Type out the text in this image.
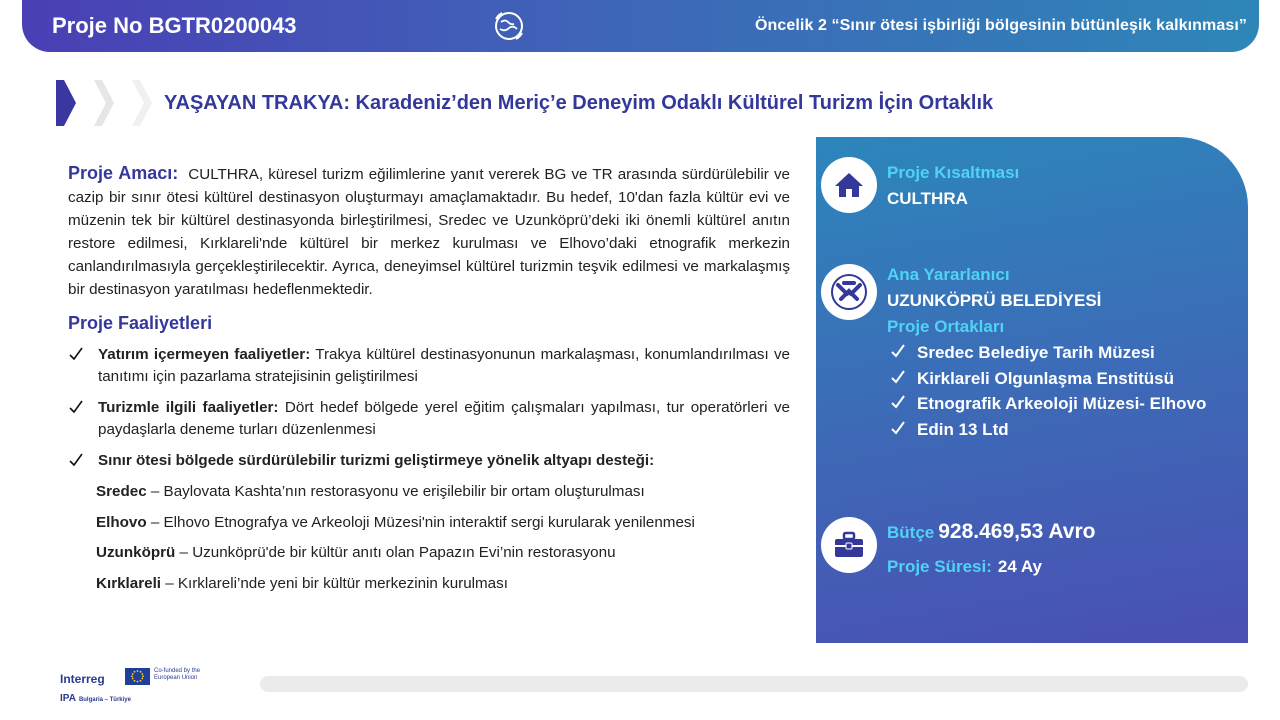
Proje No BGTR0200043	Öncelik 2 “Sınır ötesi işbirliği bölgesinin bütünleşik kalkınması”
YAŞAYAN TRAKYA: Karadeniz’den Meriç’e Deneyim Odaklı Kültürel Turizm İçin Ortaklık

Proje Amacı: CULTHRA, küresel turizm eğilimlerine yanıt vererek BG ve TR arasında sürdürülebilir ve cazip bir sınır ötesi kültürel destinasyon oluşturmayı amaçlamaktadır. Bu hedef, 10'dan fazla kültür evi ve müzenin tek bir kültürel destinasyonda birleştirilmesi, Sredec ve Uzunköprü’deki iki önemli kültürel anıtın restore edilmesi, Kırklareli'nde kültürel bir merkez kurulması ve Elhovo’daki etnografik merkezin canlandırılmasıyla gerçekleştirilecektir. Ayrıca, deneyimsel kültürel turizmin teşvik edilmesi ve markalaşmış bir destinasyon yaratılması hedeflenmektedir.

Proje Faaliyetleri
Yatırım içermeyen faaliyetler: Trakya kültürel destinasyonunun markalaşması, konumlandırılması ve tanıtımı için pazarlama stratejisinin geliştirilmesi
Turizmle ilgili faaliyetler: Dört hedef bölgede yerel eğitim çalışmaları yapılması, tur operatörleri ve paydaşlarla deneme turları düzenlenmesi
Sınır ötesi bölgede sürdürülebilir turizmi geliştirmeye yönelik altyapı desteği:
Sredec – Baylovata Kashta’nın restorasyonu ve erişilebilir bir ortam oluşturulması
Elhovo – Elhovo Etnografya ve Arkeoloji Müzesi'nin interaktif sergi kurularak yenilenmesi
Uzunköprü – Uzunköprü'de bir kültür anıtı olan Papazın Evi’nin restorasyonu
Kırklareli – Kırklareli’nde yeni bir kültür merkezinin kurulması
Proje Kısaltması
CULTHRA
Ana Yararlanıcı
UZUNKÖPRÜ BELEDİYESİ
Proje Ortakları
Sredec Belediye Tarih Müzesi
Kirklareli Olgunlaşma Enstitüsü
Etnografik Arkeoloji Müzesi- Elhovo
Edin 13 Ltd
Bütçe 928.469,53 Avro
Proje Süresi: 24 Ay
Interreg
IPA Bulgaria – Türkiye
Co-funded by the European Union
